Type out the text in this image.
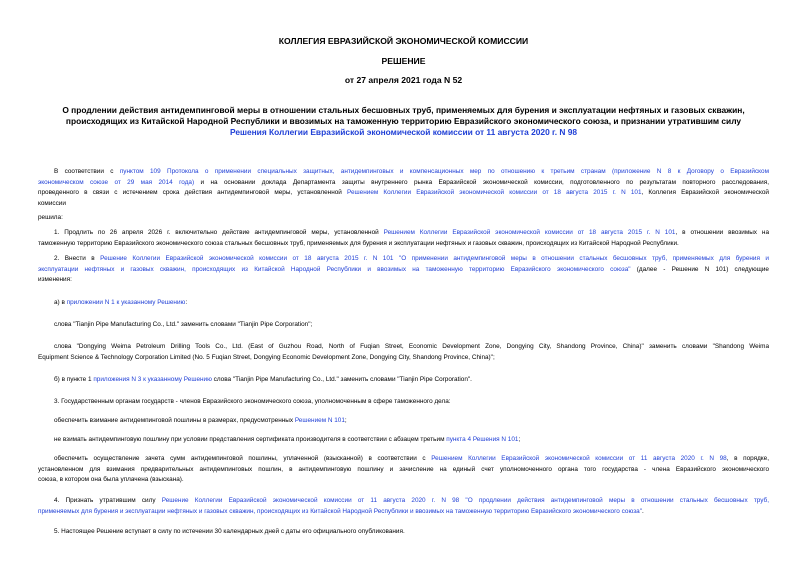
КОЛЛЕГИЯ ЕВРАЗИЙСКОЙ ЭКОНОМИЧЕСКОЙ КОМИССИИ
РЕШЕНИЕ
от 27 апреля 2021 года N 52
О продлении действия антидемпинговой меры в отношении стальных бесшовных труб, применяемых для бурения и эксплуатации нефтяных и газовых скважин,
происходящих из Китайской Народной Республики и ввозимых на таможенную территорию Евразийского экономического союза, и признании утратившим силу
Решения Коллегии Евразийской экономической комиссии от 11 августа 2020 г. N 98
В соответствии с пунктом 109 Протокола о применении специальных защитных, антидемпинговых и компенсационных мер по отношению к третьим странам (приложение N 8 к Договору о Евразийском
экономическом союзе от 29 мая 2014 года) и на основании доклада Департамента защиты внутреннего рынка Евразийской экономической комиссии, подготовленного по результатам повторного расследования,
проведенного в связи с истечением срока действия антидемпинговой меры, установленной Решением Коллегии Евразийской экономической комиссии от 18 августа 2015 г. N 101, Коллегия Евразийской экономической
комиссии
решила:
1. Продлить по 26 апреля 2026 г. включительно действие антидемпинговой меры, установленной Решением Коллегии Евразийской экономической комиссии от 18 августа 2015 г. N 101, в отношении ввозимых на
таможенную территорию Евразийского экономического союза стальных бесшовных труб, применяемых для бурения и эксплуатации нефтяных и газовых скважин, происходящих из Китайской Народной Республики.
2. Внести в Решение Коллегии Евразийской экономической комиссии от 18 августа 2015 г. N 101 "О применении антидемпинговой меры в отношении стальных бесшовных труб, применяемых для бурения и
эксплуатации нефтяных и газовых скважин, происходящих из Китайской Народной Республики и ввозимых на таможенную территорию Евразийского экономического союза" (далее - Решение N 101) следующие
изменения:
а) в приложении N 1 к указанному Решению:
слова "Tianjin Pipe Manufacturing Co., Ltd." заменить словами "Tianjin Pipe Corporation";
слова "Dongying Weima Petroleum Drilling Tools Co., Ltd. (East of Guzhou Road, North of Fuqian Street, Economic Development Zone, Dongying City, Shandong Province, China)" заменить словами "Shandong Weima
Equipment Science & Technology Corporation Limited (No. 5 Fuqian Street, Dongying Economic Development Zone, Dongying City, Shandong Province, China)";
б) в пункте 1 приложения N 3 к указанному Решению слова "Tianjin Pipe Manufacturing Co., Ltd." заменить словами "Tianjin Pipe Corporation".
3. Государственным органам государств - членов Евразийского экономического союза, уполномоченным в сфере таможенного дела:
обеспечить взимание антидемпинговой пошлины в размерах, предусмотренных Решением N 101;
не взимать антидемпинговую пошлину при условии представления сертификата производителя в соответствии с абзацем третьим пункта 4 Решения N 101;
обеспечить осуществление зачета сумм антидемпинговой пошлины, уплаченной (взысканной) в соответствии с Решением Коллегии Евразийской экономической комиссии от 11 августа 2020 г. N 98, в порядке,
установленном для взимания предварительных антидемпинговых пошлин, в антидемпинговую пошлину и зачисление на единый счет уполномоченного органа того государства - члена Евразийского экономического
союза, в котором она была уплачена (взыскана).
4. Признать утратившим силу Решение Коллегии Евразийской экономической комиссии от 11 августа 2020 г. N 98 "О продлении действия антидемпинговой меры в отношении стальных бесшовных труб,
применяемых для бурения и эксплуатации нефтяных и газовых скважин, происходящих из Китайской Народной Республики и ввозимых на таможенную территорию Евразийского экономического союза".
5. Настоящее Решение вступает в силу по истечении 30 календарных дней с даты его официального опубликования.
